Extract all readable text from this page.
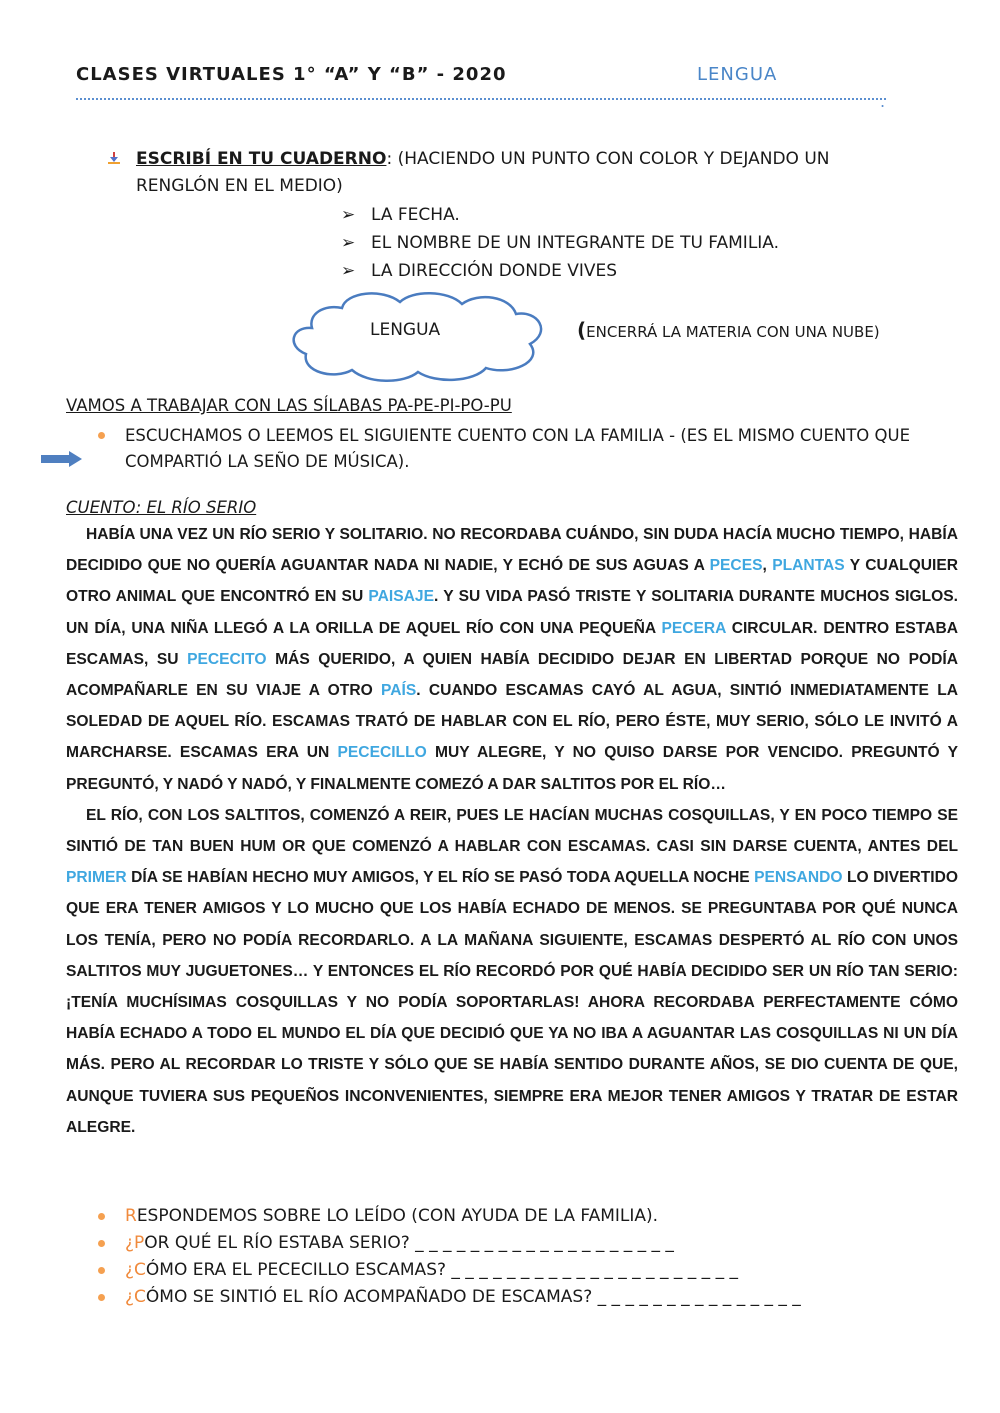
CLASES VIRTUALES 1° “A” Y “B” - 2020	LENGUA
.
ESCRIBÍ EN TU CUADERNO: (HACIENDO UN PUNTO CON COLOR Y DEJANDO UN RENGLÓN EN EL MEDIO)
➢ LA FECHA.
➢ EL NOMBRE DE UN INTEGRANTE DE TU FAMILIA.
➢ LA DIRECCIÓN DONDE VIVES
LENGUA	(ENCERRÁ LA MATERIA CON UNA NUBE)
VAMOS A TRABAJAR CON LAS SÍLABAS PA-PE-PI-PO-PU
ESCUCHAMOS O LEEMOS EL SIGUIENTE CUENTO CON LA FAMILIA - (ES EL MISMO CUENTO QUE COMPARTIÓ LA SEÑO DE MÚSICA).
CUENTO: EL RÍO SERIO

HABÍA UNA VEZ UN RÍO SERIO Y SOLITARIO. NO RECORDABA CUÁNDO, SIN DUDA HACÍA MUCHO TIEMPO, HABÍA DECIDIDO QUE NO QUERÍA AGUANTAR NADA NI NADIE, Y ECHÓ DE SUS AGUAS A PECES, PLANTAS Y CUALQUIER OTRO ANIMAL QUE ENCONTRÓ EN SU PAISAJE. Y SU VIDA PASÓ TRISTE Y SOLITARIA DURANTE MUCHOS SIGLOS. UN DÍA, UNA NIÑA LLEGÓ A LA ORILLA DE AQUEL RÍO CON UNA PEQUEÑA PECERA CIRCULAR. DENTRO ESTABA ESCAMAS, SU PECECITO MÁS QUERIDO, A QUIEN HABÍA DECIDIDO DEJAR EN LIBERTAD PORQUE NO PODÍA ACOMPAÑARLE EN SU VIAJE A OTRO PAÍS. CUANDO ESCAMAS CAYÓ AL AGUA, SINTIÓ INMEDIATAMENTE LA SOLEDAD DE AQUEL RÍO. ESCAMAS TRATÓ DE HABLAR CON EL RÍO, PERO ÉSTE, MUY SERIO, SÓLO LE INVITÓ A MARCHARSE. ESCAMAS ERA UN PECECILLO MUY ALEGRE, Y NO QUISO DARSE POR VENCIDO. PREGUNTÓ Y PREGUNTÓ, Y NADÓ Y NADÓ, Y FINALMENTE COMEZÓ A DAR SALTITOS POR EL RÍO…

EL RÍO, CON LOS SALTITOS, COMENZÓ A REIR, PUES LE HACÍAN MUCHAS COSQUILLAS, Y EN POCO TIEMPO SE SINTIÓ DE TAN BUEN HUM OR QUE COMENZÓ A HABLAR CON ESCAMAS. CASI SIN DARSE CUENTA, ANTES DEL PRIMER DÍA SE HABÍAN HECHO MUY AMIGOS, Y EL RÍO SE PASÓ TODA AQUELLA NOCHE PENSANDO LO DIVERTIDO QUE ERA TENER AMIGOS Y LO MUCHO QUE LOS HABÍA ECHADO DE MENOS. SE PREGUNTABA POR QUÉ NUNCA LOS TENÍA, PERO NO PODÍA RECORDARLO. A LA MAÑANA SIGUIENTE, ESCAMAS DESPERTÓ AL RÍO CON UNOS SALTITOS MUY JUGUETONES… Y ENTONCES EL RÍO RECORDÓ POR QUÉ HABÍA DECIDIDO SER UN RÍO TAN SERIO: ¡TENÍA MUCHÍSIMAS COSQUILLAS Y NO PODÍA SOPORTARLAS! AHORA RECORDABA PERFECTAMENTE CÓMO HABÍA ECHADO A TODO EL MUNDO EL DÍA QUE DECIDIÓ QUE YA NO IBA A AGUANTAR LAS COSQUILLAS NI UN DÍA MÁS. PERO AL RECORDAR LO TRISTE Y SÓLO QUE SE HABÍA SENTIDO DURANTE AÑOS, SE DIO CUENTA DE QUE, AUNQUE TUVIERA SUS PEQUEÑOS INCONVENIENTES, SIEMPRE ERA MEJOR TENER AMIGOS Y TRATAR DE ESTAR ALEGRE.

RESPONDEMOS SOBRE LO LEÍDO (CON AYUDA DE LA FAMILIA).
¿POR QUÉ EL RÍO ESTABA SERIO? _ _ _ _ _ _ _ _ _ _ _ _ _ _ _ _ _ _ _
¿CÓMO ERA EL PECECILLO ESCAMAS? _ _ _ _ _ _ _ _ _ _ _ _ _ _ _ _ _ _ _ _ _
¿CÓMO SE SINTIÓ EL RÍO ACOMPAÑADO DE ESCAMAS? _ _ _ _ _ _ _ _ _ _ _ _ _ _ _
